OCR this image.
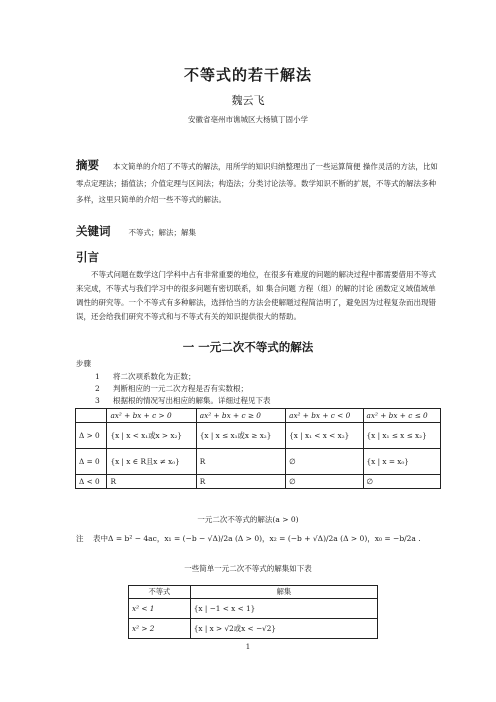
不等式的若干解法
魏云飞
安徽省亳州市谯城区大杨镇丁固小学
摘要 本文简单的介绍了不等式的解法，用所学的知识归纳整理出了一些运算简便 操作灵活的方法，比如 零点定理法；插值法；介值定理与区间法；构造法；分类讨论法等。数学知识不断的扩展，不等式的解法多种多样，这里只简单的介绍一些不等式的解法。
关键词 不等式；解法；解集
引言
不等式问题在数学这门学科中占有非常重要的地位，在很多有难度的问题的解决过程中都需要借用不等式来完成，不等式与我们学习中的很多问题有密切联系，如 集合问题 方程（组）的解的讨论 函数定义域值域单调性的研究等。一个不等式有多种解法，选择恰当的方法会使解题过程简洁明了，避免因为过程复杂而出现错误，还会给我们研究不等式和与不等式有关的知识提供很大的帮助。
一 一元二次不等式的解法
步骤
1 将二次项系数化为正数；
2 判断相应的一元二次方程是否有实数根；
3 根据根的情况写出相应的解集。详细过程见下表
	ax² + bx + c > 0	ax² + bx + c ≥ 0	ax² + bx + c < 0	ax² + bx + c ≤ 0
Δ > 0	{x | x < x₁或x > x₂}	{x | x ≤ x₁或x ≥ x₂}	{x | x₁ < x < x₂}	{x | x₁ ≤ x ≤ x₂}
Δ = 0	{x | x ∈ R且x ≠ x₀}	R	∅	{x | x = x₀}
Δ < 0	R	R	∅	∅
一元二次不等式的解法(a > 0)
注 表中Δ = b² − 4ac，x₁ = (−b − √Δ)/2a (Δ > 0)，x₂ = (−b + √Δ)/2a (Δ > 0)，x₀ = −b/2a .
一些简单一元二次不等式的解集如下表
不等式	解集
x² < 1	{x | −1 < x < 1}
x² > 2	{x | x > √2或x < −√2}
1
